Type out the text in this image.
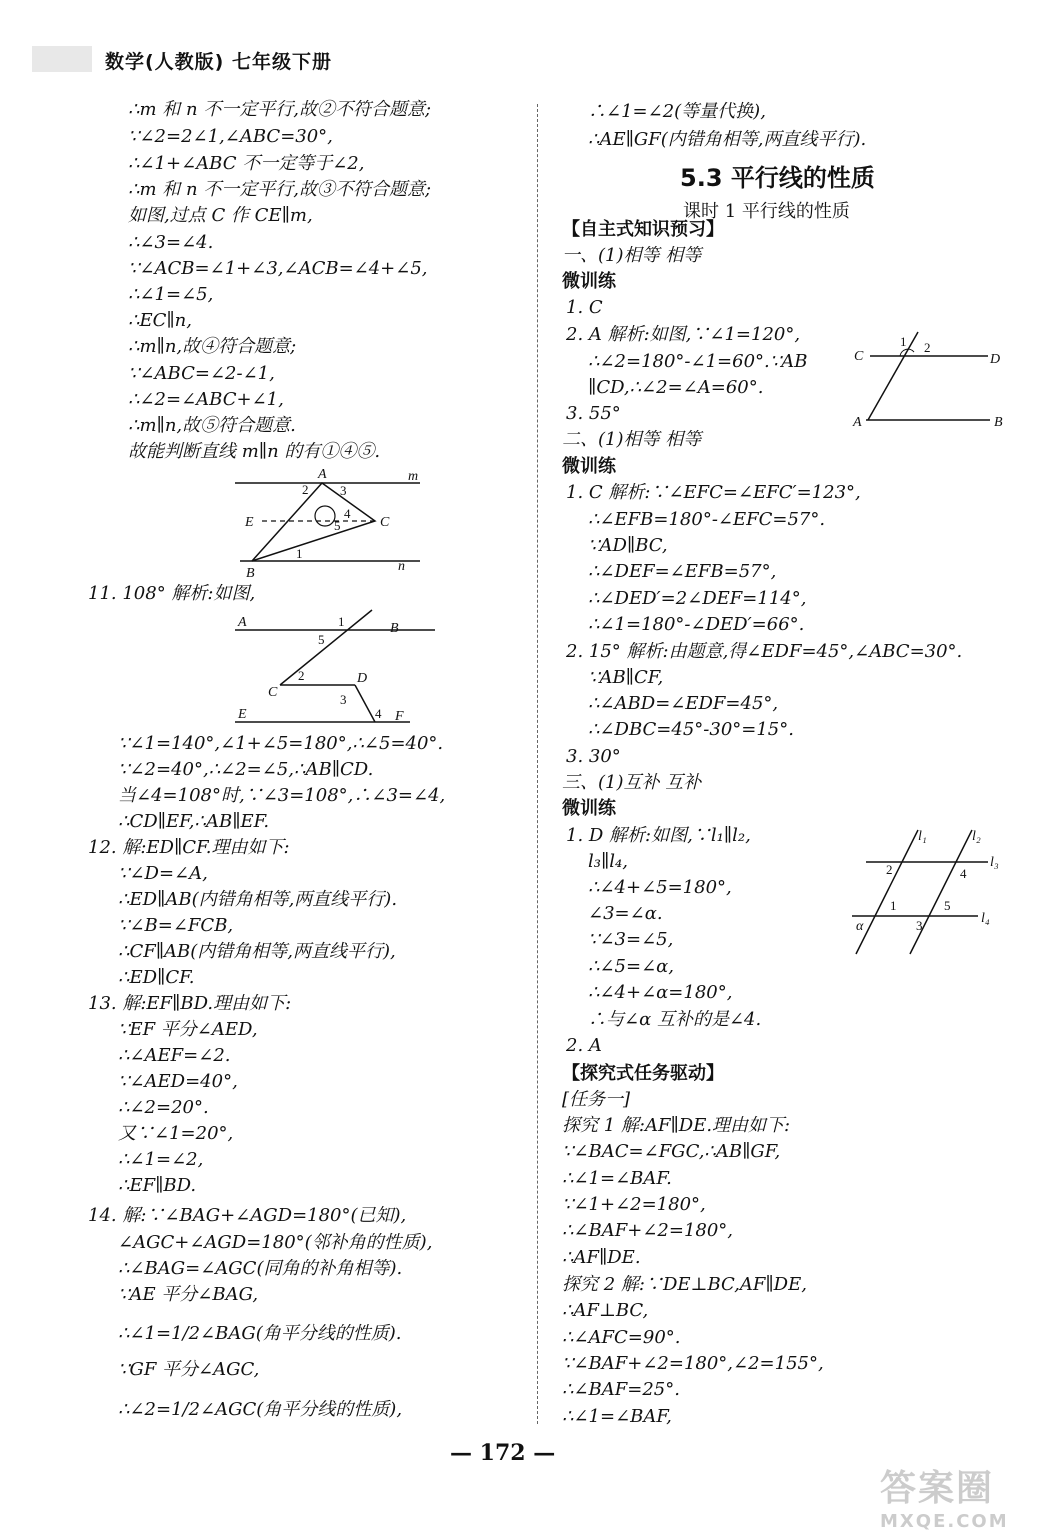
数学(人教版) 七年级下册
∴m 和 n 不一定平行,故②不符合题意;
∵∠2=2∠1,∠ABC=30°,
∴∠1+∠ABC 不一定等于∠2,
∴m 和 n 不一定平行,故③不符合题意;
如图,过点 C 作 CE∥m,
∴∠3=∠4.
∵∠ACB=∠1+∠3,∠ACB=∠4+∠5,
∴∠1=∠5,
∴EC∥n,
∴m∥n,故④符合题意;
∵∠ABC=∠2-∠1,
∴∠2=∠ABC+∠1,
∴m∥n,故⑤符合题意.
故能判断直线 m∥n 的有①④⑤.
A
B
C
E
m
n
1
2 3
4
5
11. 108° 解析:如图,
A	B
C
D
E	F
1
2
3
4
5
∵∠1=140°,∠1+∠5=180°,∴∠5=40°.
∵∠2=40°,∴∠2=∠5,∴AB∥CD.
当∠4=108°时,∵∠3=108°,∴∠3=∠4,
∴CD∥EF,∴AB∥EF.
12. 解:ED∥CF.理由如下:
∵∠D=∠A,
∴ED∥AB(内错角相等,两直线平行).
∵∠B=∠FCB,
∴CF∥AB(内错角相等,两直线平行),
∴ED∥CF.
13. 解:EF∥BD.理由如下:
∵EF 平分∠AED,
∴∠AEF=∠2.
∵∠AED=40°,
∴∠2=20°.
又∵∠1=20°,
∴∠1=∠2,
∴EF∥BD.
14. 解:∵∠BAG+∠AGD=180°(已知),
∠AGC+∠AGD=180°(邻补角的性质),
∴∠BAG=∠AGC(同角的补角相等).
∵AE 平分∠BAG,
∴∠1=1/2∠BAG(角平分线的性质).
∵GF 平分∠AGC,
∴∠2=1/2∠AGC(角平分线的性质),
∴∠1=∠2(等量代换),
∴AE∥GF(内错角相等,两直线平行).
5.3 平行线的性质
课时 1 平行线的性质
【自主式知识预习】
一、(1)相等 相等
微训练
1. C
2. A 解析:如图,∵∠1=120°,
∴∠2=180°-∠1=60°.∵AB
∥CD,∴∠2=∠A=60°.
3. 55°
二、(1)相等 相等
微训练
1. C 解析:∵∠EFC=∠EFC′=123°,
∴∠EFB=180°-∠EFC=57°.
∵AD∥BC,
∴∠DEF=∠EFB=57°,
∴∠DED′=2∠DEF=114°,
∴∠1=180°-∠DED′=66°.
2. 15° 解析:由题意,得∠EDF=45°,∠ABC=30°.
∵AB∥CF,
∴∠ABD=∠EDF=45°,
∴∠DBC=45°-30°=15°.
3. 30°
三、(1)互补 互补
微训练
1. D 解析:如图,∵l₁∥l₂,
l₃∥l₄,
∴∠4+∠5=180°,
∠3=∠α.
∵∠3=∠5,
∴∠5=∠α,
∴∠4+∠α=180°,
∴与∠α 互补的是∠4.
2. A
【探究式任务驱动】
[任务一]
探究 1 解:AF∥DE.理由如下:
∵∠BAC=∠FGC,∴AB∥GF,
∴∠1=∠BAF.
∵∠1+∠2=180°,
∴∠BAF+∠2=180°,
∴AF∥DE.
探究 2 解:∵DE⊥BC,AF∥DE,
∴AF⊥BC,
∴∠AFC=90°.
∵∠BAF+∠2=180°,∠2=155°,
∴∠BAF=25°.
∴∠1=∠BAF,
C	D
A	B
1 2
l₁	l₂
l₃
l₄
2	4
1	5
3
α
— 172 —
答案圈
MXQE.COM
